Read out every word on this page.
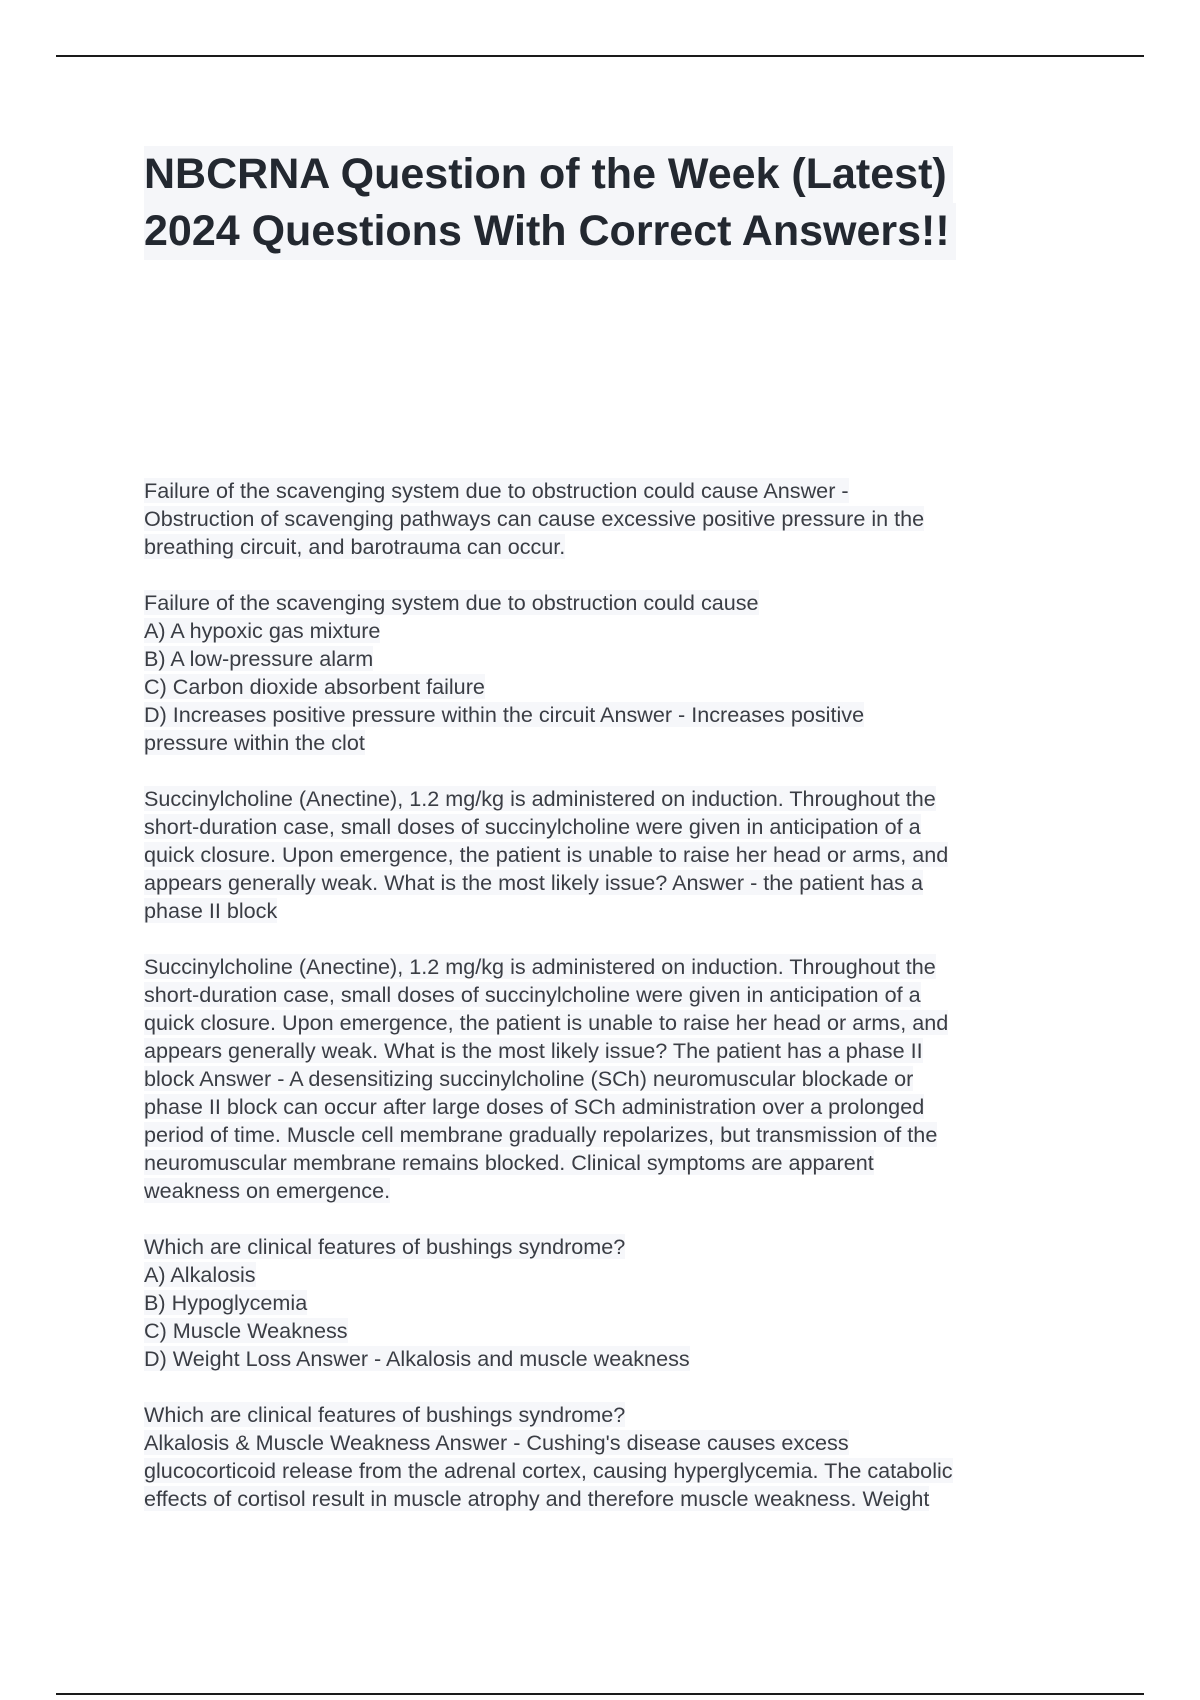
NBCRNA Question of the Week (Latest)
2024 Questions With Correct Answers!!
Failure of the scavenging system due to obstruction could cause Answer -
Obstruction of scavenging pathways can cause excessive positive pressure in the
breathing circuit, and barotrauma can occur.
Failure of the scavenging system due to obstruction could cause
A) A hypoxic gas mixture
B) A low-pressure alarm
C) Carbon dioxide absorbent failure
D) Increases positive pressure within the circuit Answer - Increases positive
pressure within the clot
Succinylcholine (Anectine), 1.2 mg/kg is administered on induction. Throughout the
short-duration case, small doses of succinylcholine were given in anticipation of a
quick closure. Upon emergence, the patient is unable to raise her head or arms, and
appears generally weak. What is the most likely issue? Answer - the patient has a
phase II block
Succinylcholine (Anectine), 1.2 mg/kg is administered on induction. Throughout the
short-duration case, small doses of succinylcholine were given in anticipation of a
quick closure. Upon emergence, the patient is unable to raise her head or arms, and
appears generally weak. What is the most likely issue? The patient has a phase II
block Answer - A desensitizing succinylcholine (SCh) neuromuscular blockade or
phase II block can occur after large doses of SCh administration over a prolonged
period of time. Muscle cell membrane gradually repolarizes, but transmission of the
neuromuscular membrane remains blocked. Clinical symptoms are apparent
weakness on emergence.
Which are clinical features of bushings syndrome?
A) Alkalosis
B) Hypoglycemia
C) Muscle Weakness
D) Weight Loss Answer - Alkalosis and muscle weakness
Which are clinical features of bushings syndrome?
Alkalosis & Muscle Weakness Answer - Cushing's disease causes excess
glucocorticoid release from the adrenal cortex, causing hyperglycemia. The catabolic
effects of cortisol result in muscle atrophy and therefore muscle weakness. Weight
